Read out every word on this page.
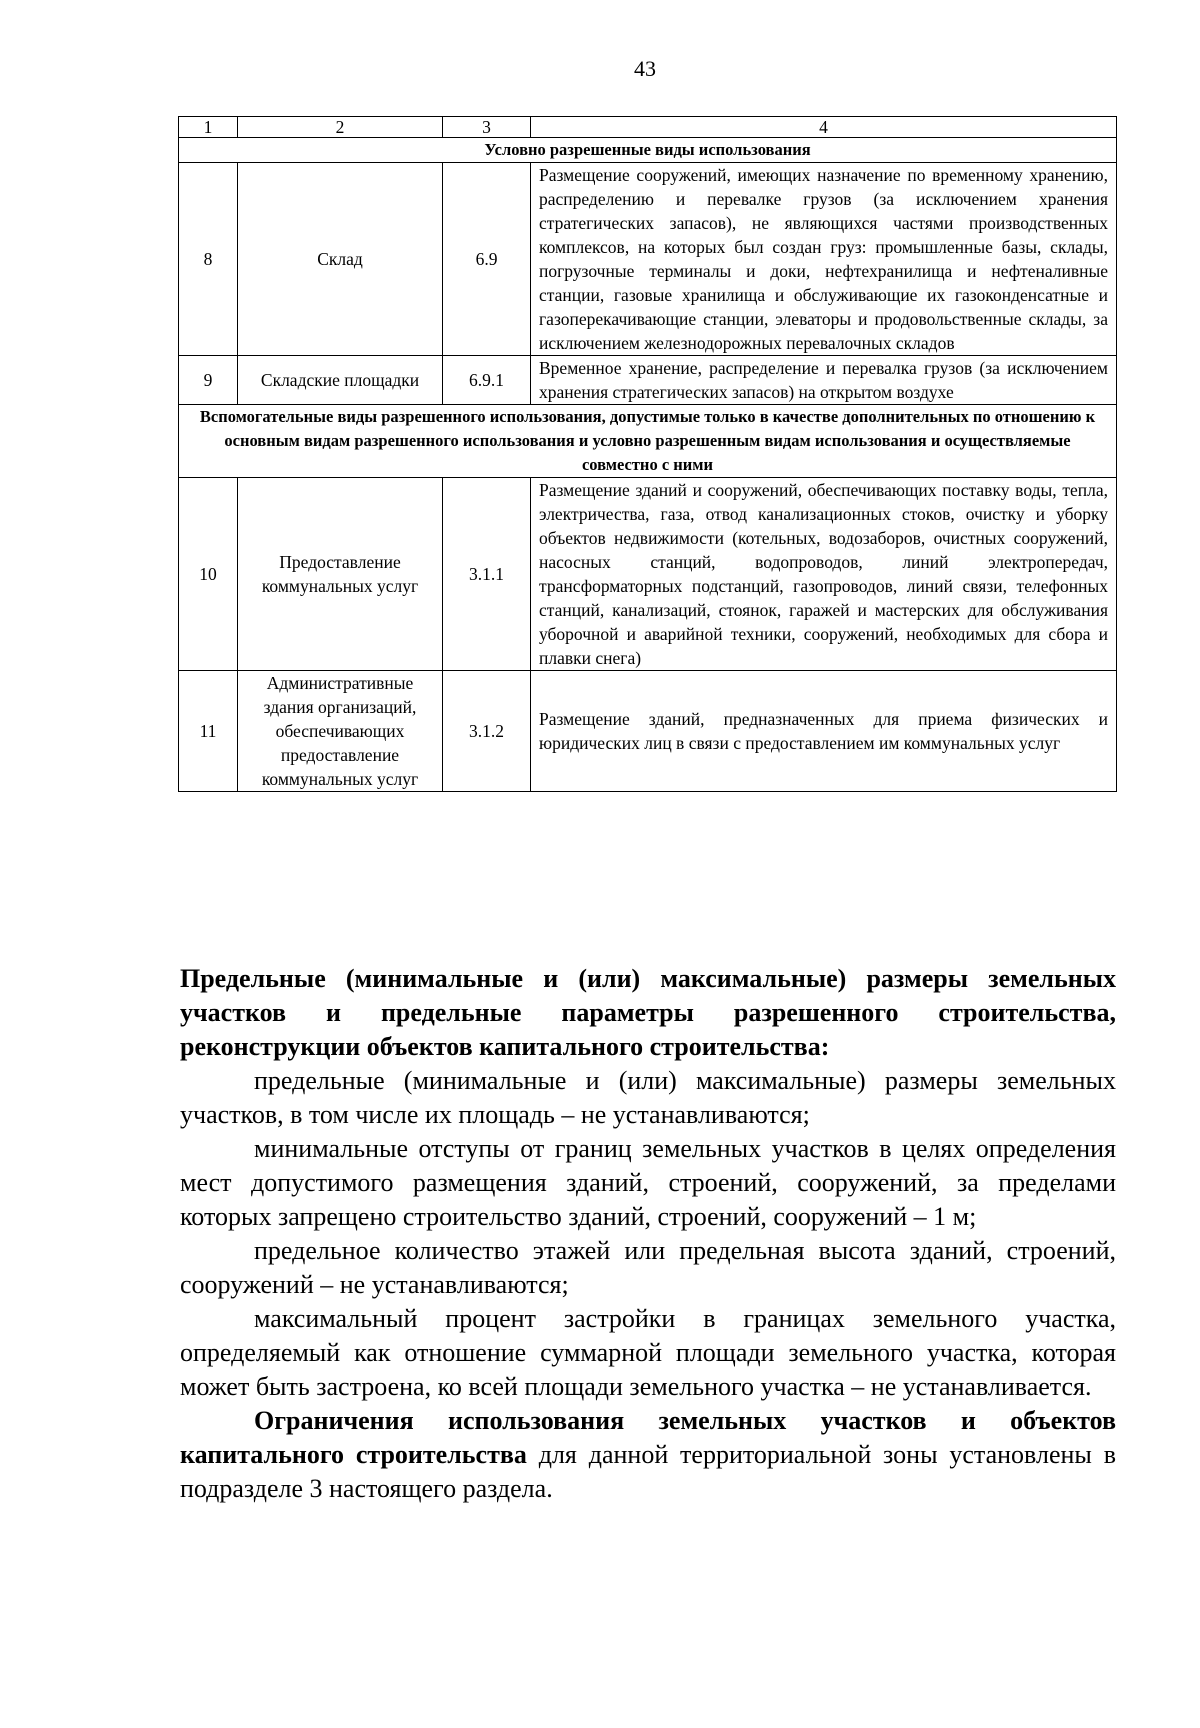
43
1	2	3	4
Условно разрешенные виды использования			
8	Склад	6.9	Размещение сооружений, имеющих назначение по временному хранению, распределению и перевалке грузов (за исключением хранения стратегических запасов), не являющихся частями производственных комплексов, на которых был создан груз: промышленные базы, склады, погрузочные терминалы и доки, нефтехранилища и нефтеналивные станции, газовые хранилища и обслуживающие их газоконденсатные и газоперекачивающие станции, элеваторы и продовольственные склады, за исключением железнодорожных перевалочных складов
9	Складские площадки	6.9.1	Временное хранение, распределение и перевалка грузов (за исключением хранения стратегических запасов) на открытом воздухе
Вспомогательные виды разрешенного использования, допустимые только в качестве дополнительных по отношению к основным видам разрешенного использования и условно разрешенным видам использования и осуществляемые совместно с ними			
10	Предоставление коммунальных услуг	3.1.1	Размещение зданий и сооружений, обеспечивающих поставку воды, тепла, электричества, газа, отвод канализационных стоков, очистку и уборку объектов недвижимости (котельных, водозаборов, очистных сооружений, насосных станций, водопроводов, линий электропередач, трансформаторных подстанций, газопроводов, линий связи, телефонных станций, канализаций, стоянок, гаражей и мастерских для обслуживания уборочной и аварийной техники, сооружений, необходимых для сбора и плавки снега)
11	Административные здания организаций, обеспечивающих предоставление коммунальных услуг	3.1.2	Размещение зданий, предназначенных для приема физических и юридических лиц в связи с предоставлением им коммунальных услуг

Предельные (минимальные и (или) максимальные) размеры земельных участков и предельные параметры разрешенного строительства, реконструкции объектов капитального строительства:

предельные (минимальные и (или) максимальные) размеры земельных участков, в том числе их площадь – не устанавливаются;

минимальные отступы от границ земельных участков в целях определения мест допустимого размещения зданий, строений, сооружений, за пределами которых запрещено строительство зданий, строений, сооружений – 1 м;

предельное количество этажей или предельная высота зданий, строений, сооружений – не устанавливаются;

максимальный процент застройки в границах земельного участка, определяемый как отношение суммарной площади земельного участка, которая может быть застроена, ко всей площади земельного участка – не устанавливается.

Ограничения использования земельных участков и объектов капитального строительства для данной территориальной зоны установлены в подразделе 3 настоящего раздела.
